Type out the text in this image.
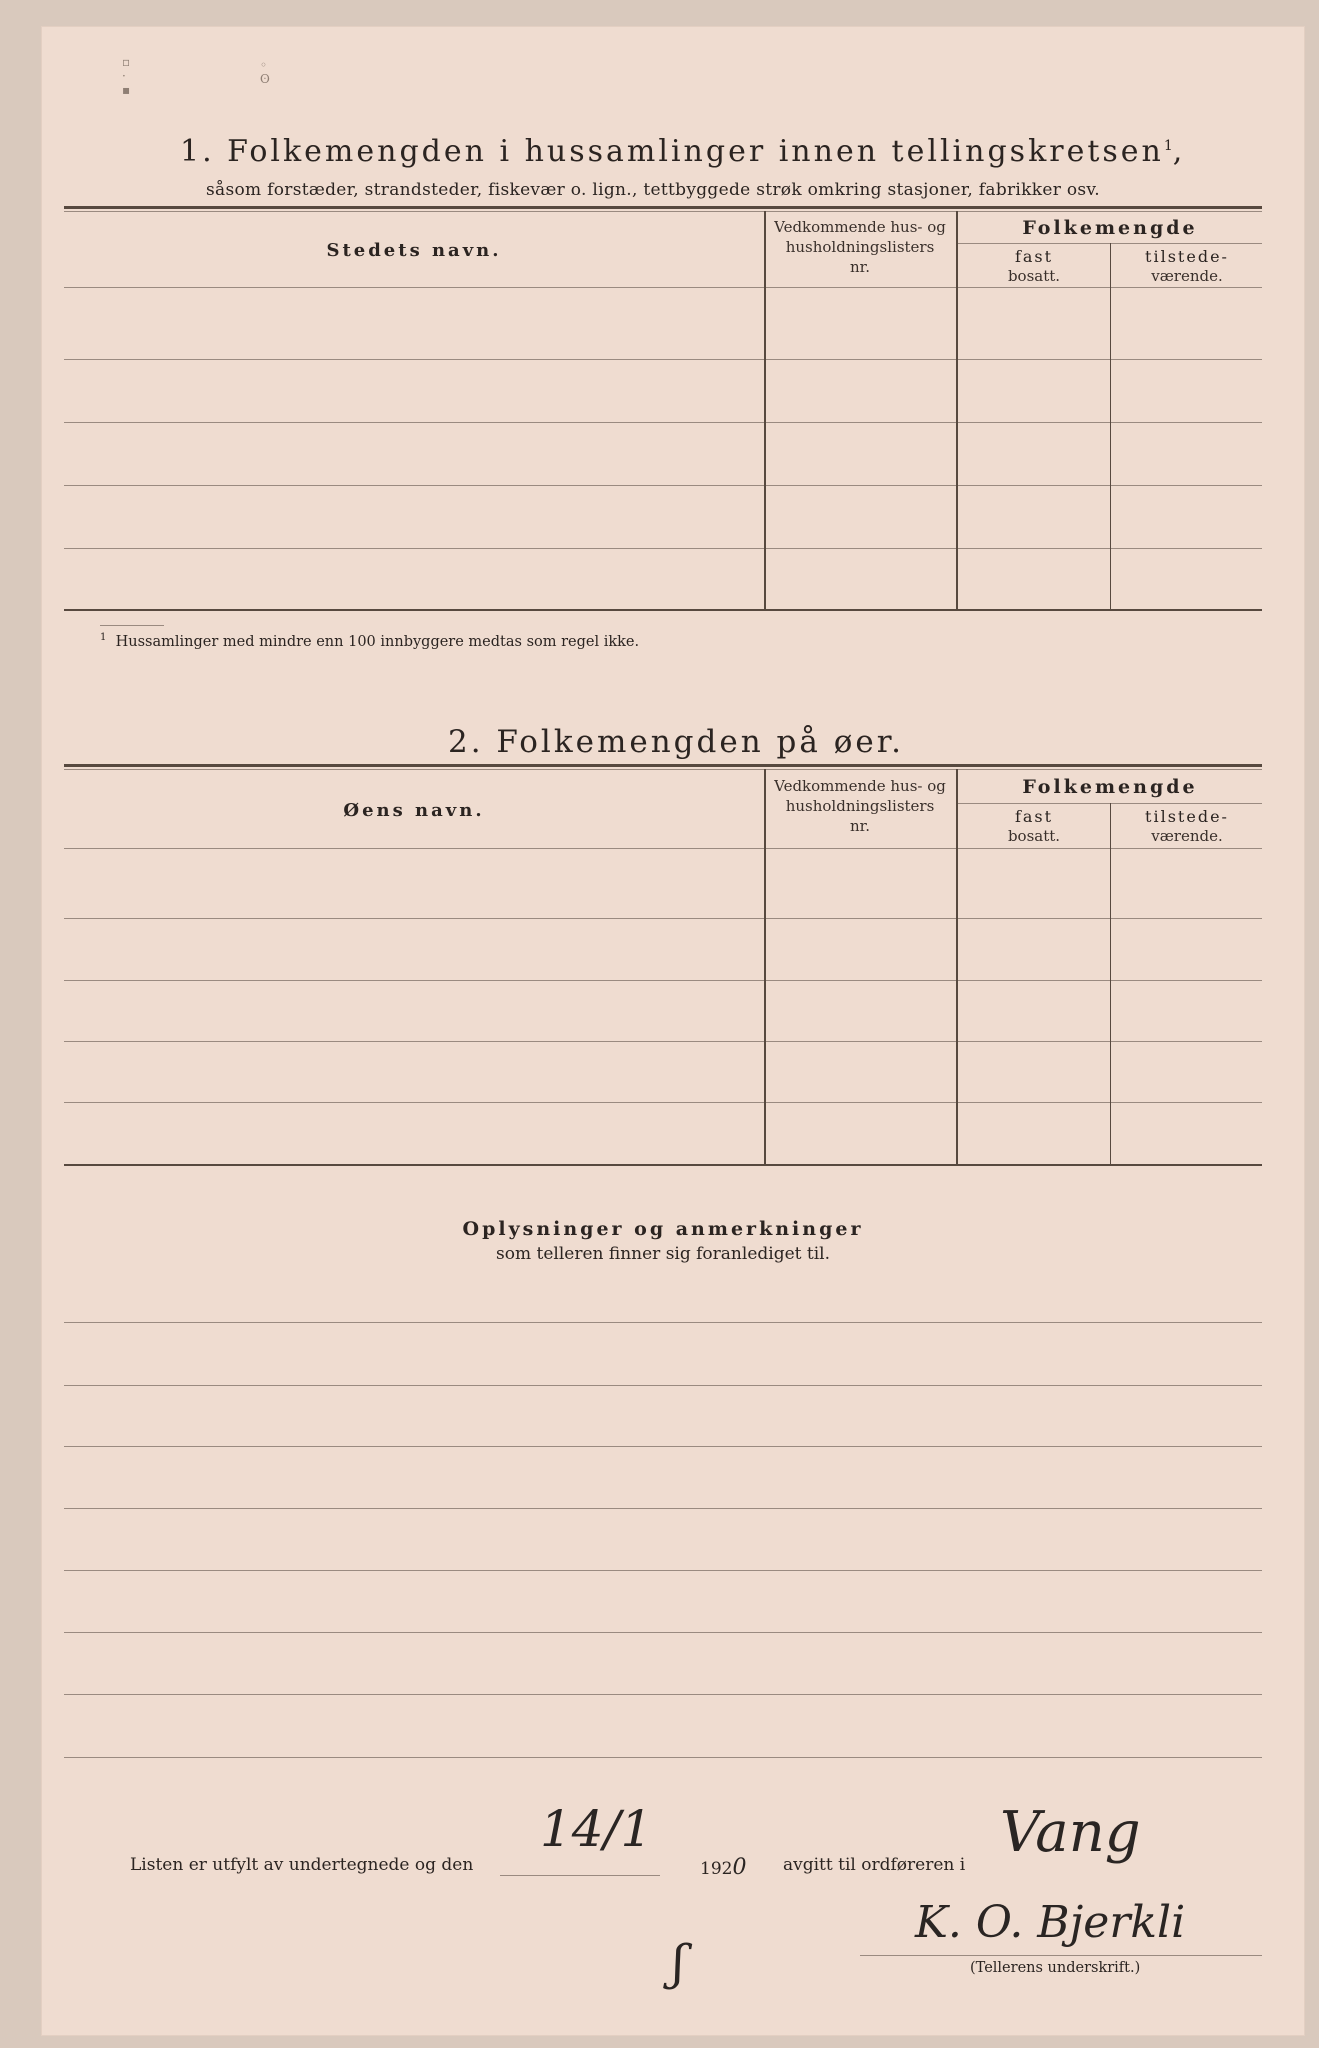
▫
·
▪
◦
ʘ
1. Folkemengden i hussamlinger innen tellingskretsen$^1$,
såsom forstæder, strandsteder, fiskevær o. lign., tettbyggede strøk omkring stasjoner, fabrikker osv.
Stedets navn.
Vedkommende hus- og
husholdningslisters
nr.
Folkemengde
fast
bosatt.
tilstede-
værende.
$^1$ Hussamlinger med mindre enn 100 innbyggere medtas som regel ikke.
2. Folkemengden på øer.
Øens navn.
Vedkommende hus- og
husholdningslisters
nr.
Folkemengde
fast
bosatt.
tilstede-
værende.
Oplysninger og anmerkninger
som telleren finner sig foranlediget til.
Listen er utfylt av undertegnede og den
14/1
1920 avgitt til ordføreren i Vang
K. O. Bjerkli
(Tellerens underskrift.)
ʃ
